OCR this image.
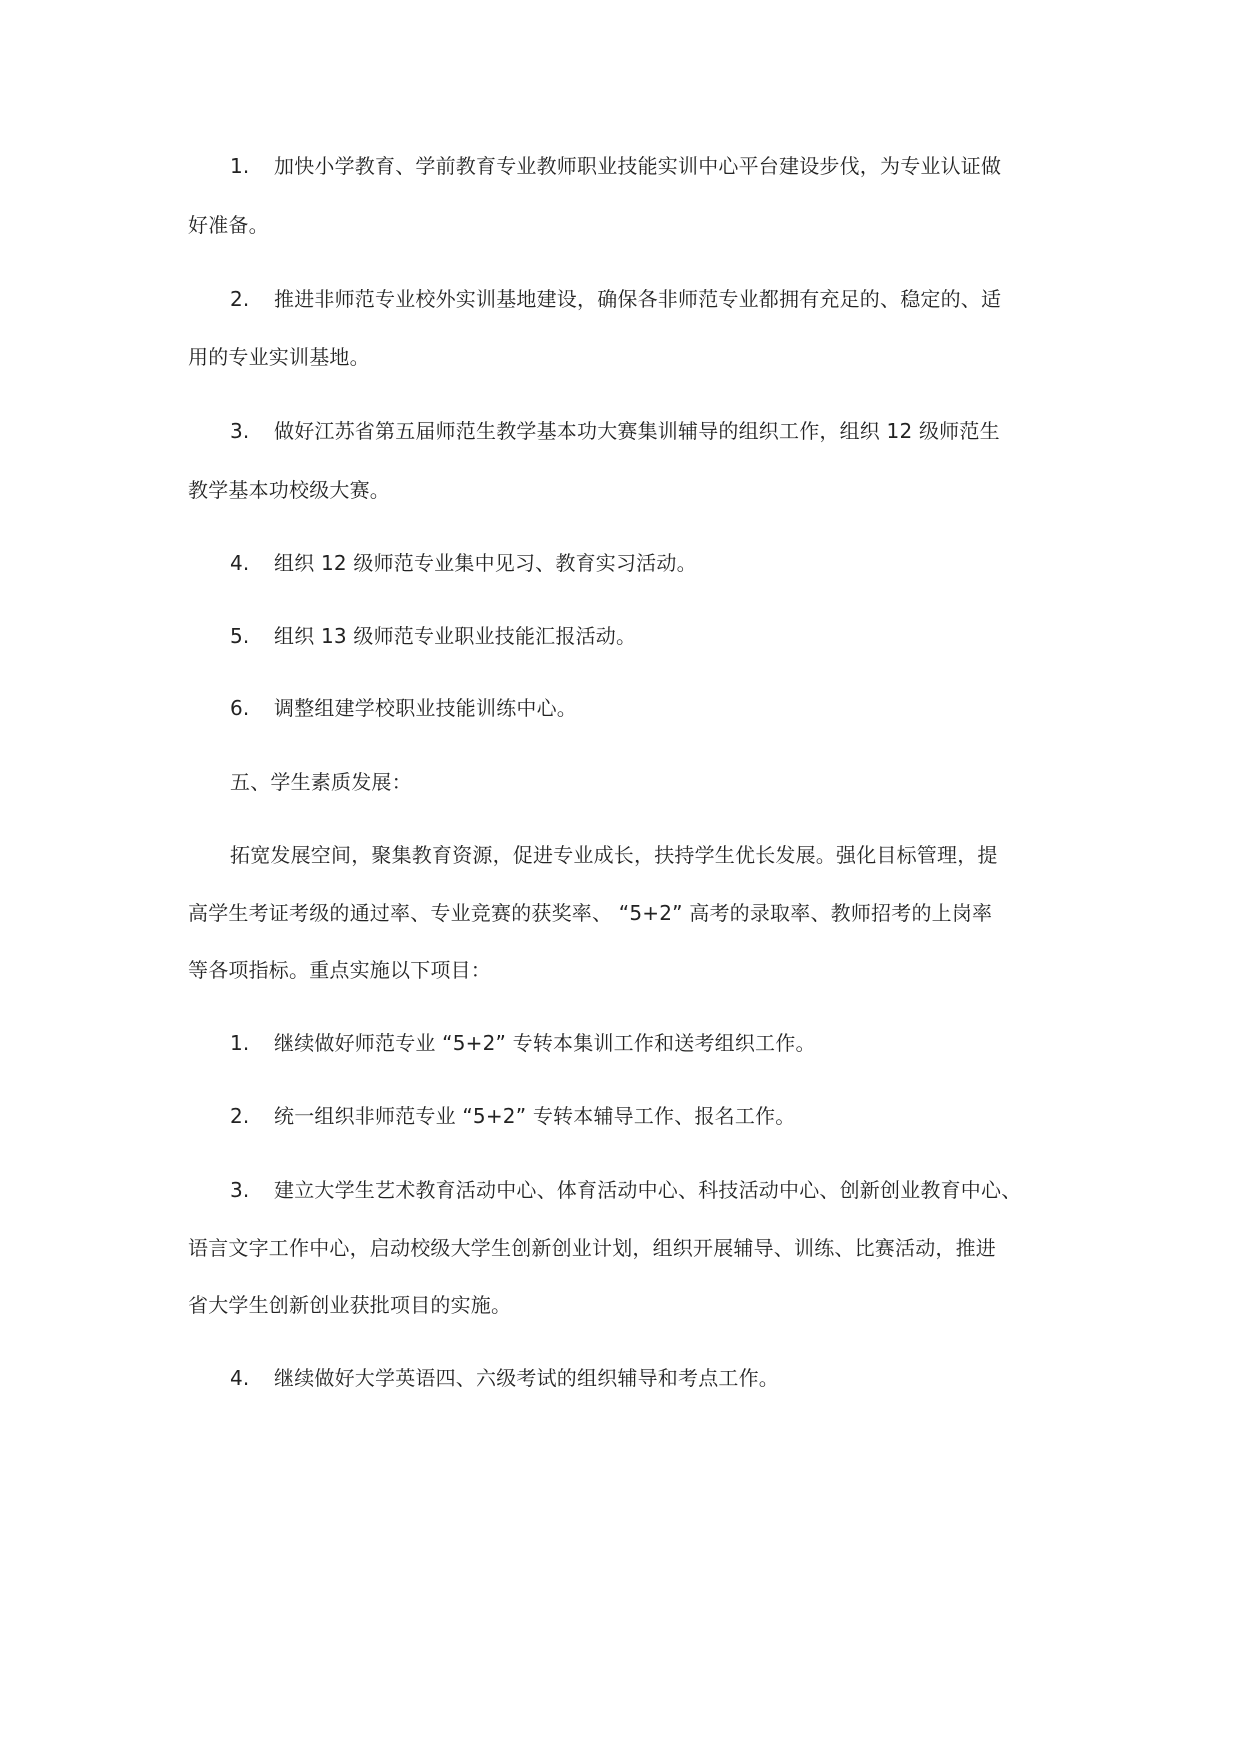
1. 加快小学教育、学前教育专业教师职业技能实训中心平台建设步伐，为专业认证做
好准备。
2. 推进非师范专业校外实训基地建设，确保各非师范专业都拥有充足的、稳定的、适
用的专业实训基地。
3. 做好江苏省第五届师范生教学基本功大赛集训辅导的组织工作，组织 12 级师范生
教学基本功校级大赛。
4. 组织 12 级师范专业集中见习、教育实习活动。
5. 组织 13 级师范专业职业技能汇报活动。
6. 调整组建学校职业技能训练中心。
五、学生素质发展：
拓宽发展空间，聚集教育资源，促进专业成长，扶持学生优长发展。强化目标管理，提
高学生考证考级的通过率、专业竞赛的获奖率、 “5+2” 高考的录取率、教师招考的上岗率
等各项指标。重点实施以下项目：
1. 继续做好师范专业 “5+2” 专转本集训工作和送考组织工作。
2. 统一组织非师范专业 “5+2” 专转本辅导工作、报名工作。
3. 建立大学生艺术教育活动中心、体育活动中心、科技活动中心、创新创业教育中心、
语言文字工作中心，启动校级大学生创新创业计划，组织开展辅导、训练、比赛活动，推进
省大学生创新创业获批项目的实施。
4. 继续做好大学英语四、六级考试的组织辅导和考点工作。
